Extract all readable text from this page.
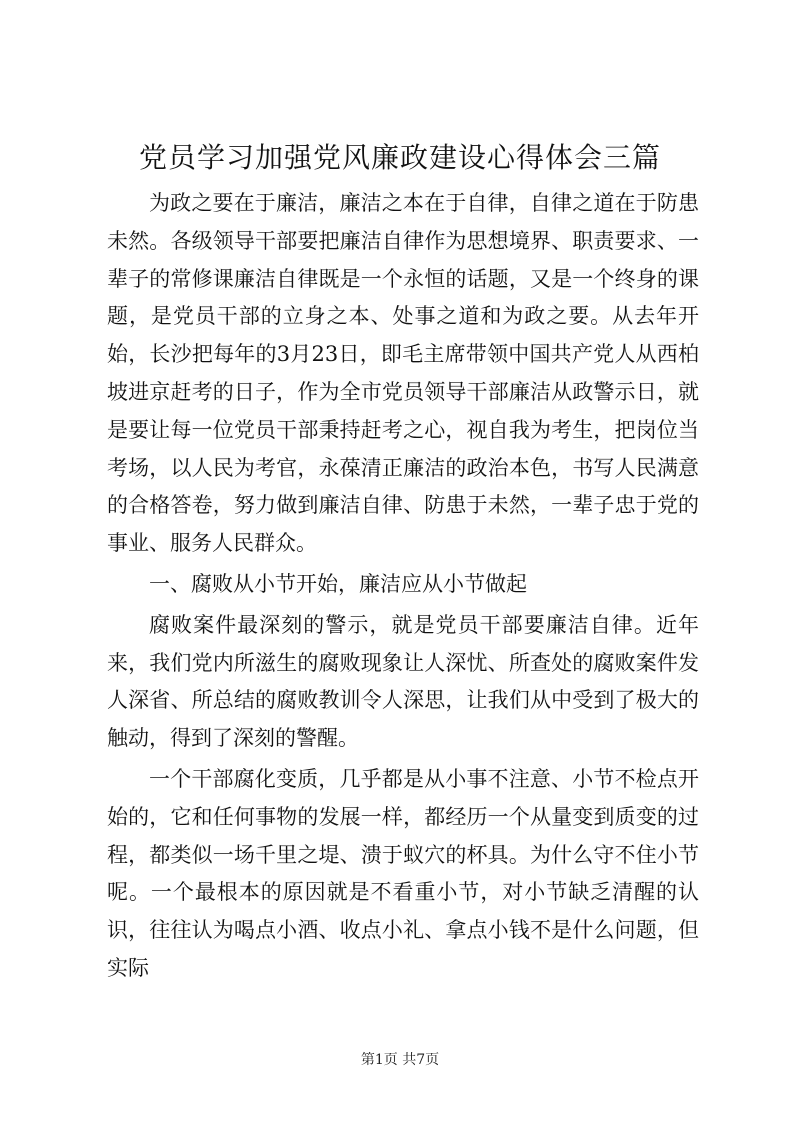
党员学习加强党风廉政建设心得体会三篇

为政之要在于廉洁，廉洁之本在于自律，自律之道在于防患未然。各级领导干部要把廉洁自律作为思想境界、职责要求、一辈子的常修课廉洁自律既是一个永恒的话题，又是一个终身的课题，是党员干部的立身之本、处事之道和为政之要。从去年开始，长沙把每年的3月23日，即毛主席带领中国共产党人从西柏坡进京赶考的日子，作为全市党员领导干部廉洁从政警示日，就是要让每一位党员干部秉持赶考之心，视自我为考生，把岗位当考场，以人民为考官，永葆清正廉洁的政治本色，书写人民满意的合格答卷，努力做到廉洁自律、防患于未然，一辈子忠于党的事业、服务人民群众。

一、腐败从小节开始，廉洁应从小节做起

腐败案件最深刻的警示，就是党员干部要廉洁自律。近年来，我们党内所滋生的腐败现象让人深忧、所查处的腐败案件发人深省、所总结的腐败教训令人深思，让我们从中受到了极大的触动，得到了深刻的警醒。

一个干部腐化变质，几乎都是从小事不注意、小节不检点开始的，它和任何事物的发展一样，都经历一个从量变到质变的过程，都类似一场千里之堤、溃于蚁穴的杯具。为什么守不住小节呢。一个最根本的原因就是不看重小节，对小节缺乏清醒的认识，往往认为喝点小酒、收点小礼、拿点小钱不是什么问题，但实际

第1页 共7页
